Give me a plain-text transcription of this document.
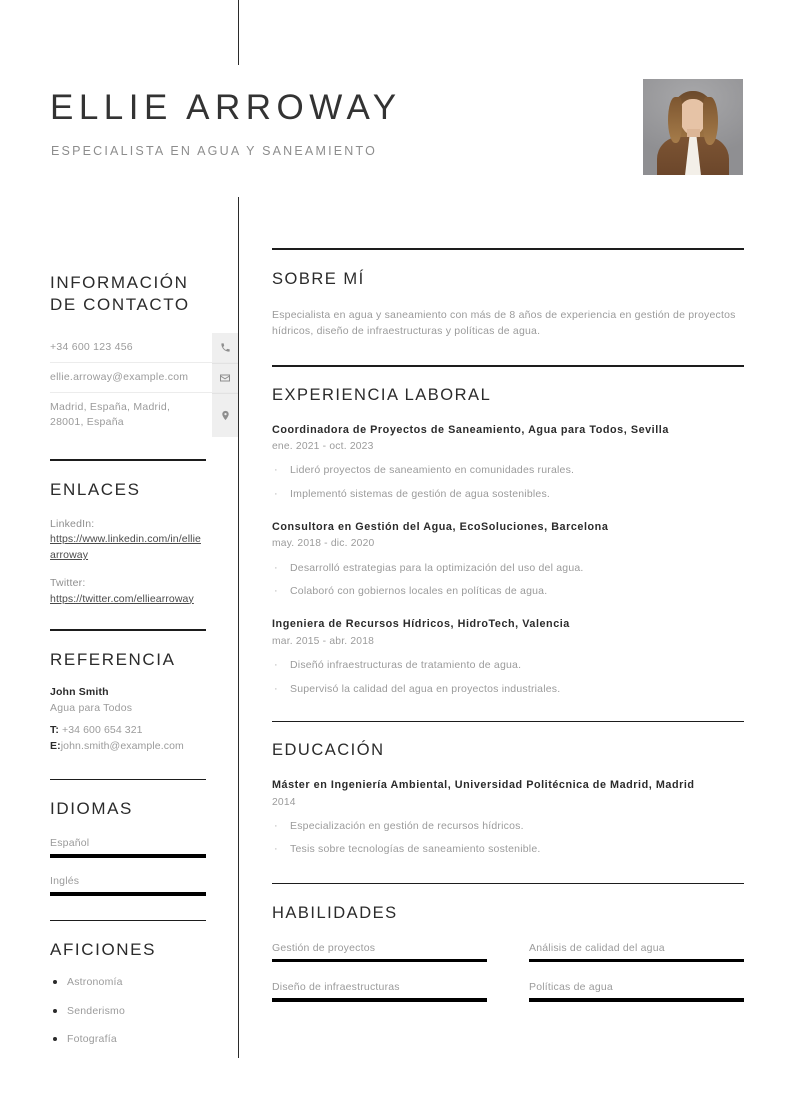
ELLIE ARROWAY
ESPECIALISTA EN AGUA Y SANEAMIENTO
INFORMACIÓN
DE CONTACTO
+34 600 123 456
ellie.arroway@example.com
Madrid, España, Madrid,
28001, España
ENLACES
LinkedIn:
https://www.linkedin.com/in/elliearroway
Twitter:
https://twitter.com/elliearroway
REFERENCIA
John Smith
Agua para Todos
T: +34 600 654 321
E:john.smith@example.com
IDIOMAS
Español
Inglés
AFICIONES
Astronomía
Senderismo
Fotografía
SOBRE MÍ
Especialista en agua y saneamiento con más de 8 años de experiencia en gestión de proyectos hídricos, diseño de infraestructuras y políticas de agua.
EXPERIENCIA LABORAL
Coordinadora de Proyectos de Saneamiento, Agua para Todos, Sevilla
ene. 2021 - oct. 2023
·	Lideró proyectos de saneamiento en comunidades rurales.
·	Implementó sistemas de gestión de agua sostenibles.
Consultora en Gestión del Agua, EcoSoluciones, Barcelona
may. 2018 - dic. 2020
·	Desarrolló estrategias para la optimización del uso del agua.
·	Colaboró con gobiernos locales en políticas de agua.
Ingeniera de Recursos Hídricos, HidroTech, Valencia
mar. 2015 - abr. 2018
·	Diseñó infraestructuras de tratamiento de agua.
·	Supervisó la calidad del agua en proyectos industriales.
EDUCACIÓN
Máster en Ingeniería Ambiental, Universidad Politécnica de Madrid, Madrid
2014
·	Especialización en gestión de recursos hídricos.
·	Tesis sobre tecnologías de saneamiento sostenible.
HABILIDADES
Gestión de proyectos	Análisis de calidad del agua
Diseño de infraestructuras	Políticas de agua
